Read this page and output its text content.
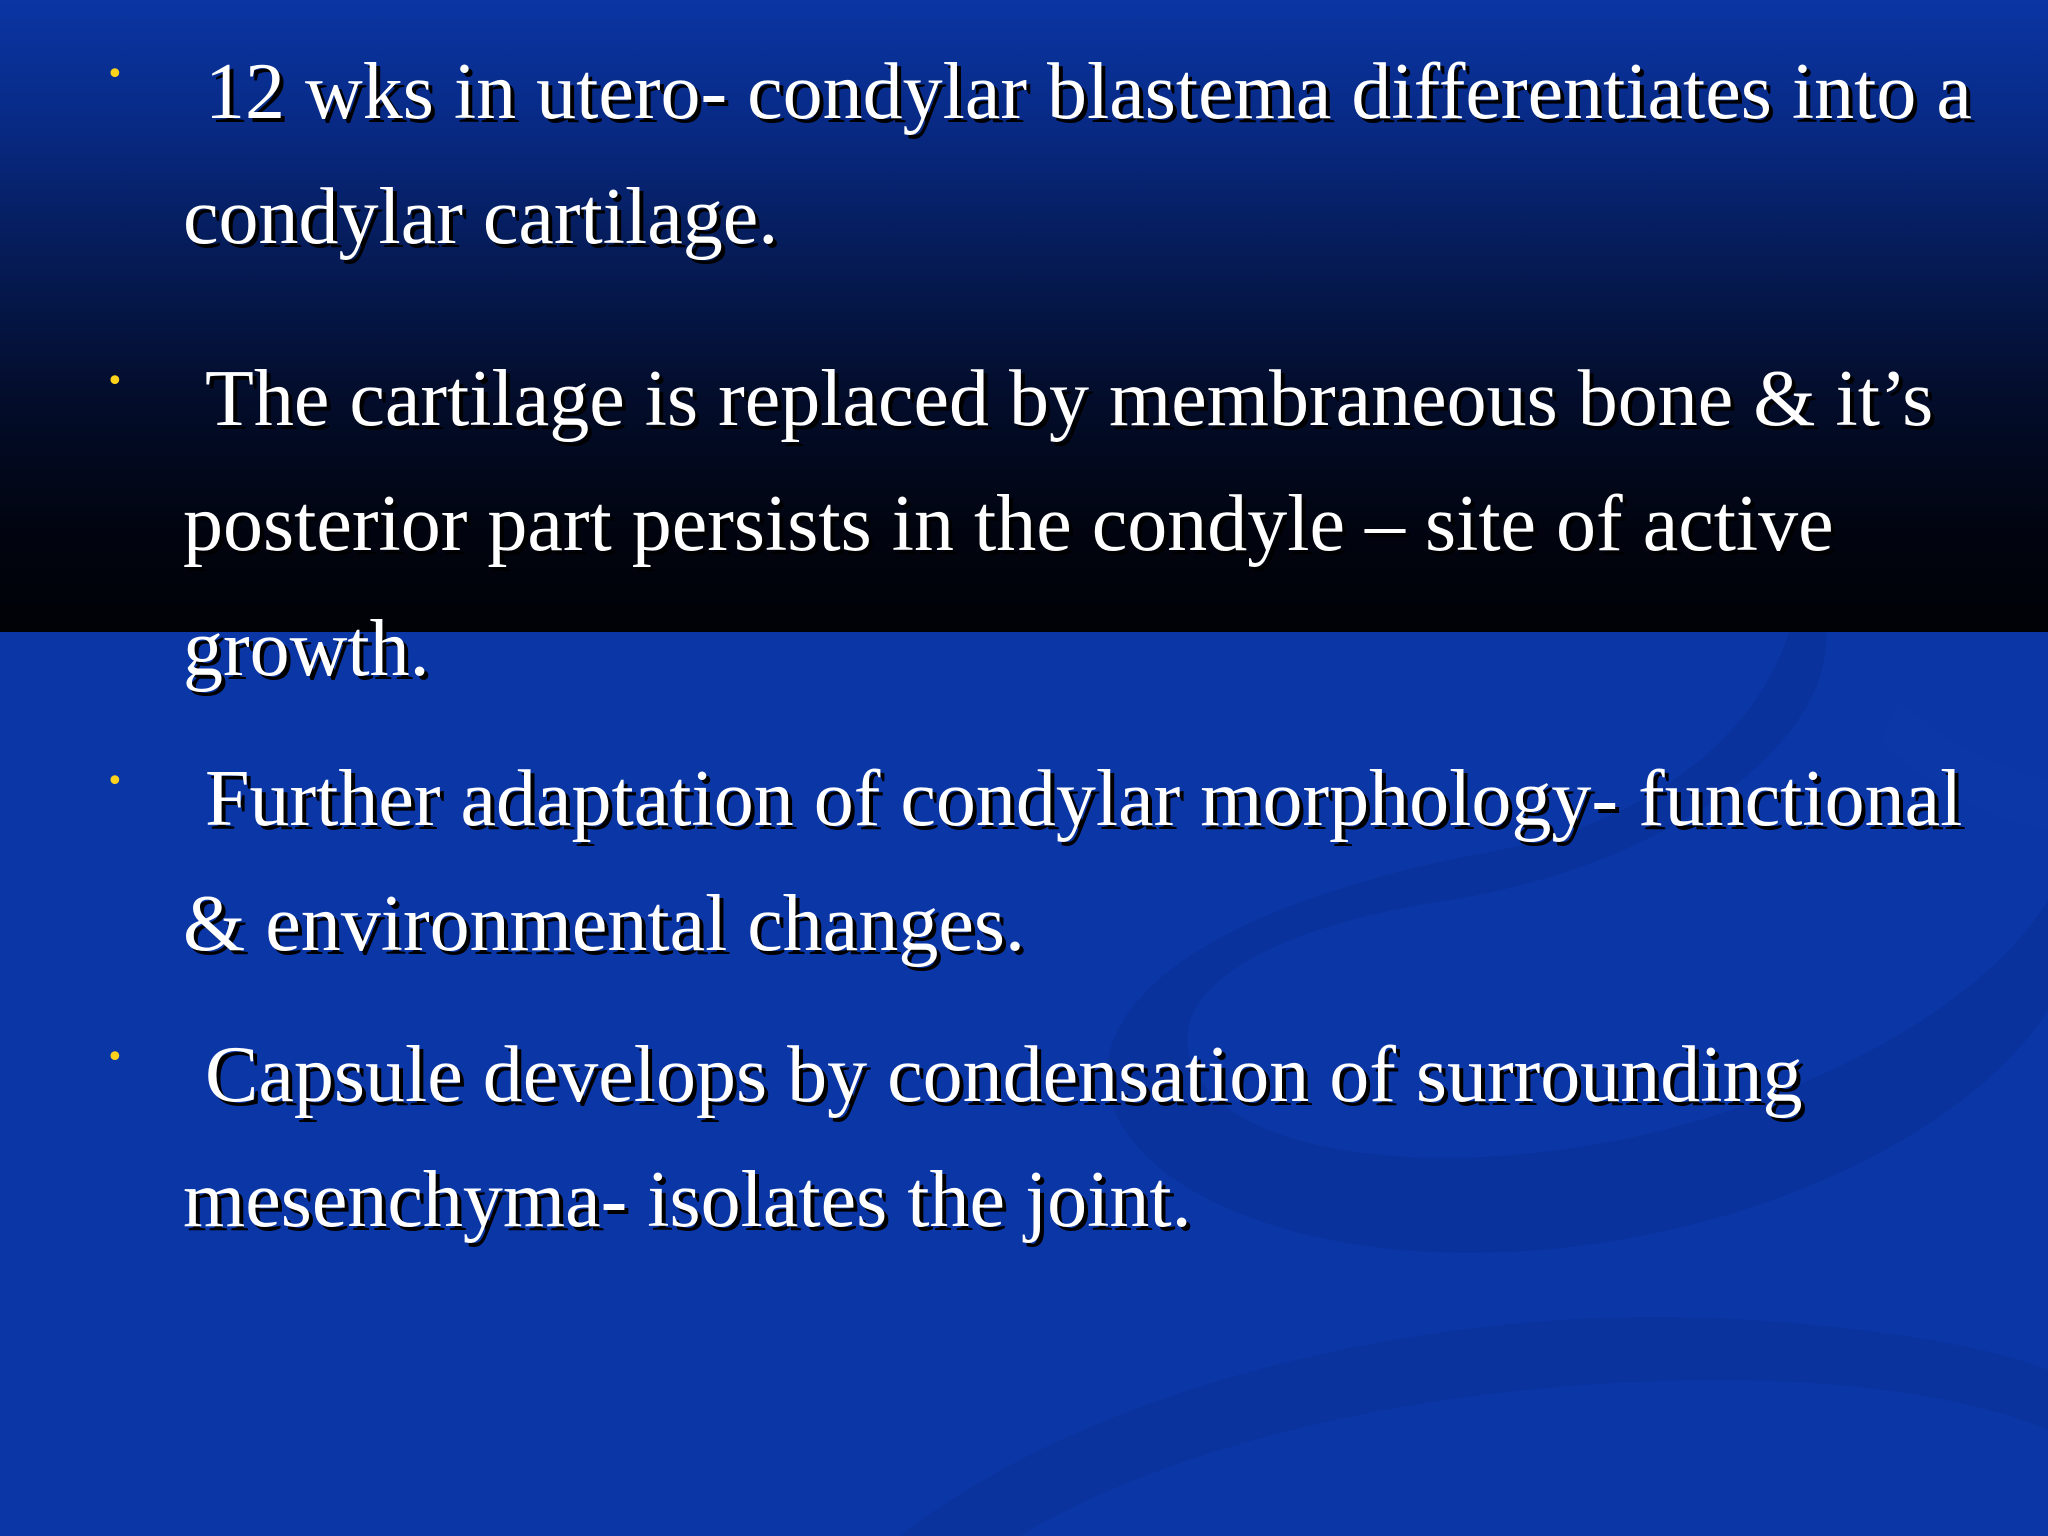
• 12 wks in utero- condylar blastema differentiates into a condylar cartilage.
• The cartilage is replaced by membraneous bone & it’s posterior part persists in the condyle – site of active growth.
• Further adaptation of condylar morphology- functional & environmental changes.
• Capsule develops by condensation of surrounding mesenchyma- isolates the joint.
